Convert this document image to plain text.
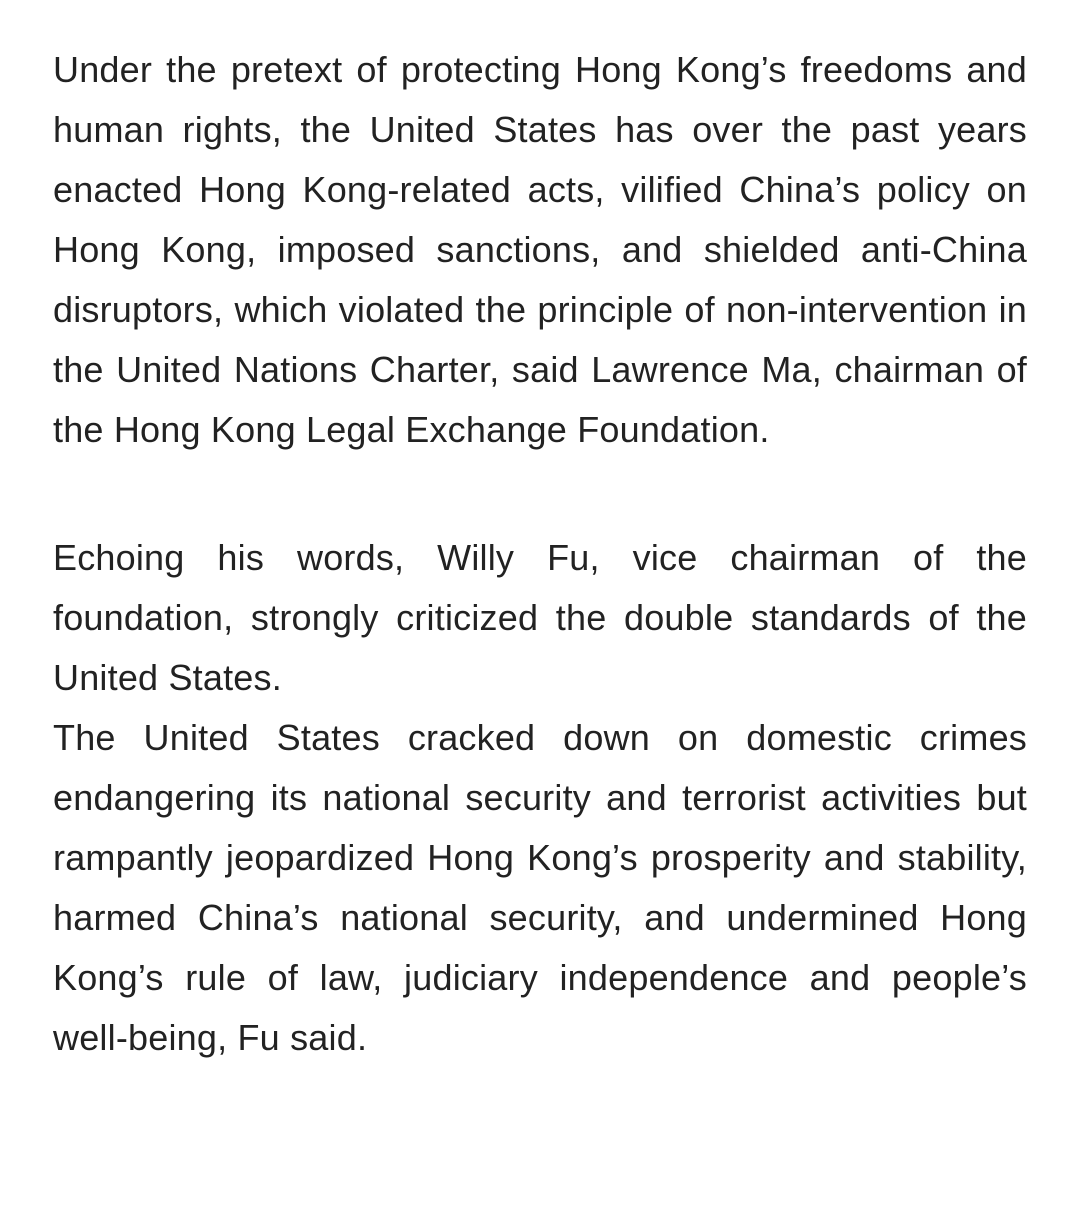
Under the pretext of protecting Hong Kong’s freedoms and human rights, the United States has over the past years enacted Hong Kong-related acts, vilified China’s policy on Hong Kong, imposed sanctions, and shielded anti-China disruptors, which violated the principle of non-intervention in the United Nations Charter, said Lawrence Ma, chairman of the Hong Kong Legal Exchange Foundation.

Echoing his words, Willy Fu, vice chairman of the foundation, strongly criticized the double standards of the United States.

The United States cracked down on domestic crimes endangering its national security and terrorist activities but rampantly jeopardized Hong Kong’s prosperity and stability, harmed China’s national security, and undermined Hong Kong’s rule of law, judiciary independence and people’s well-being, Fu said.
